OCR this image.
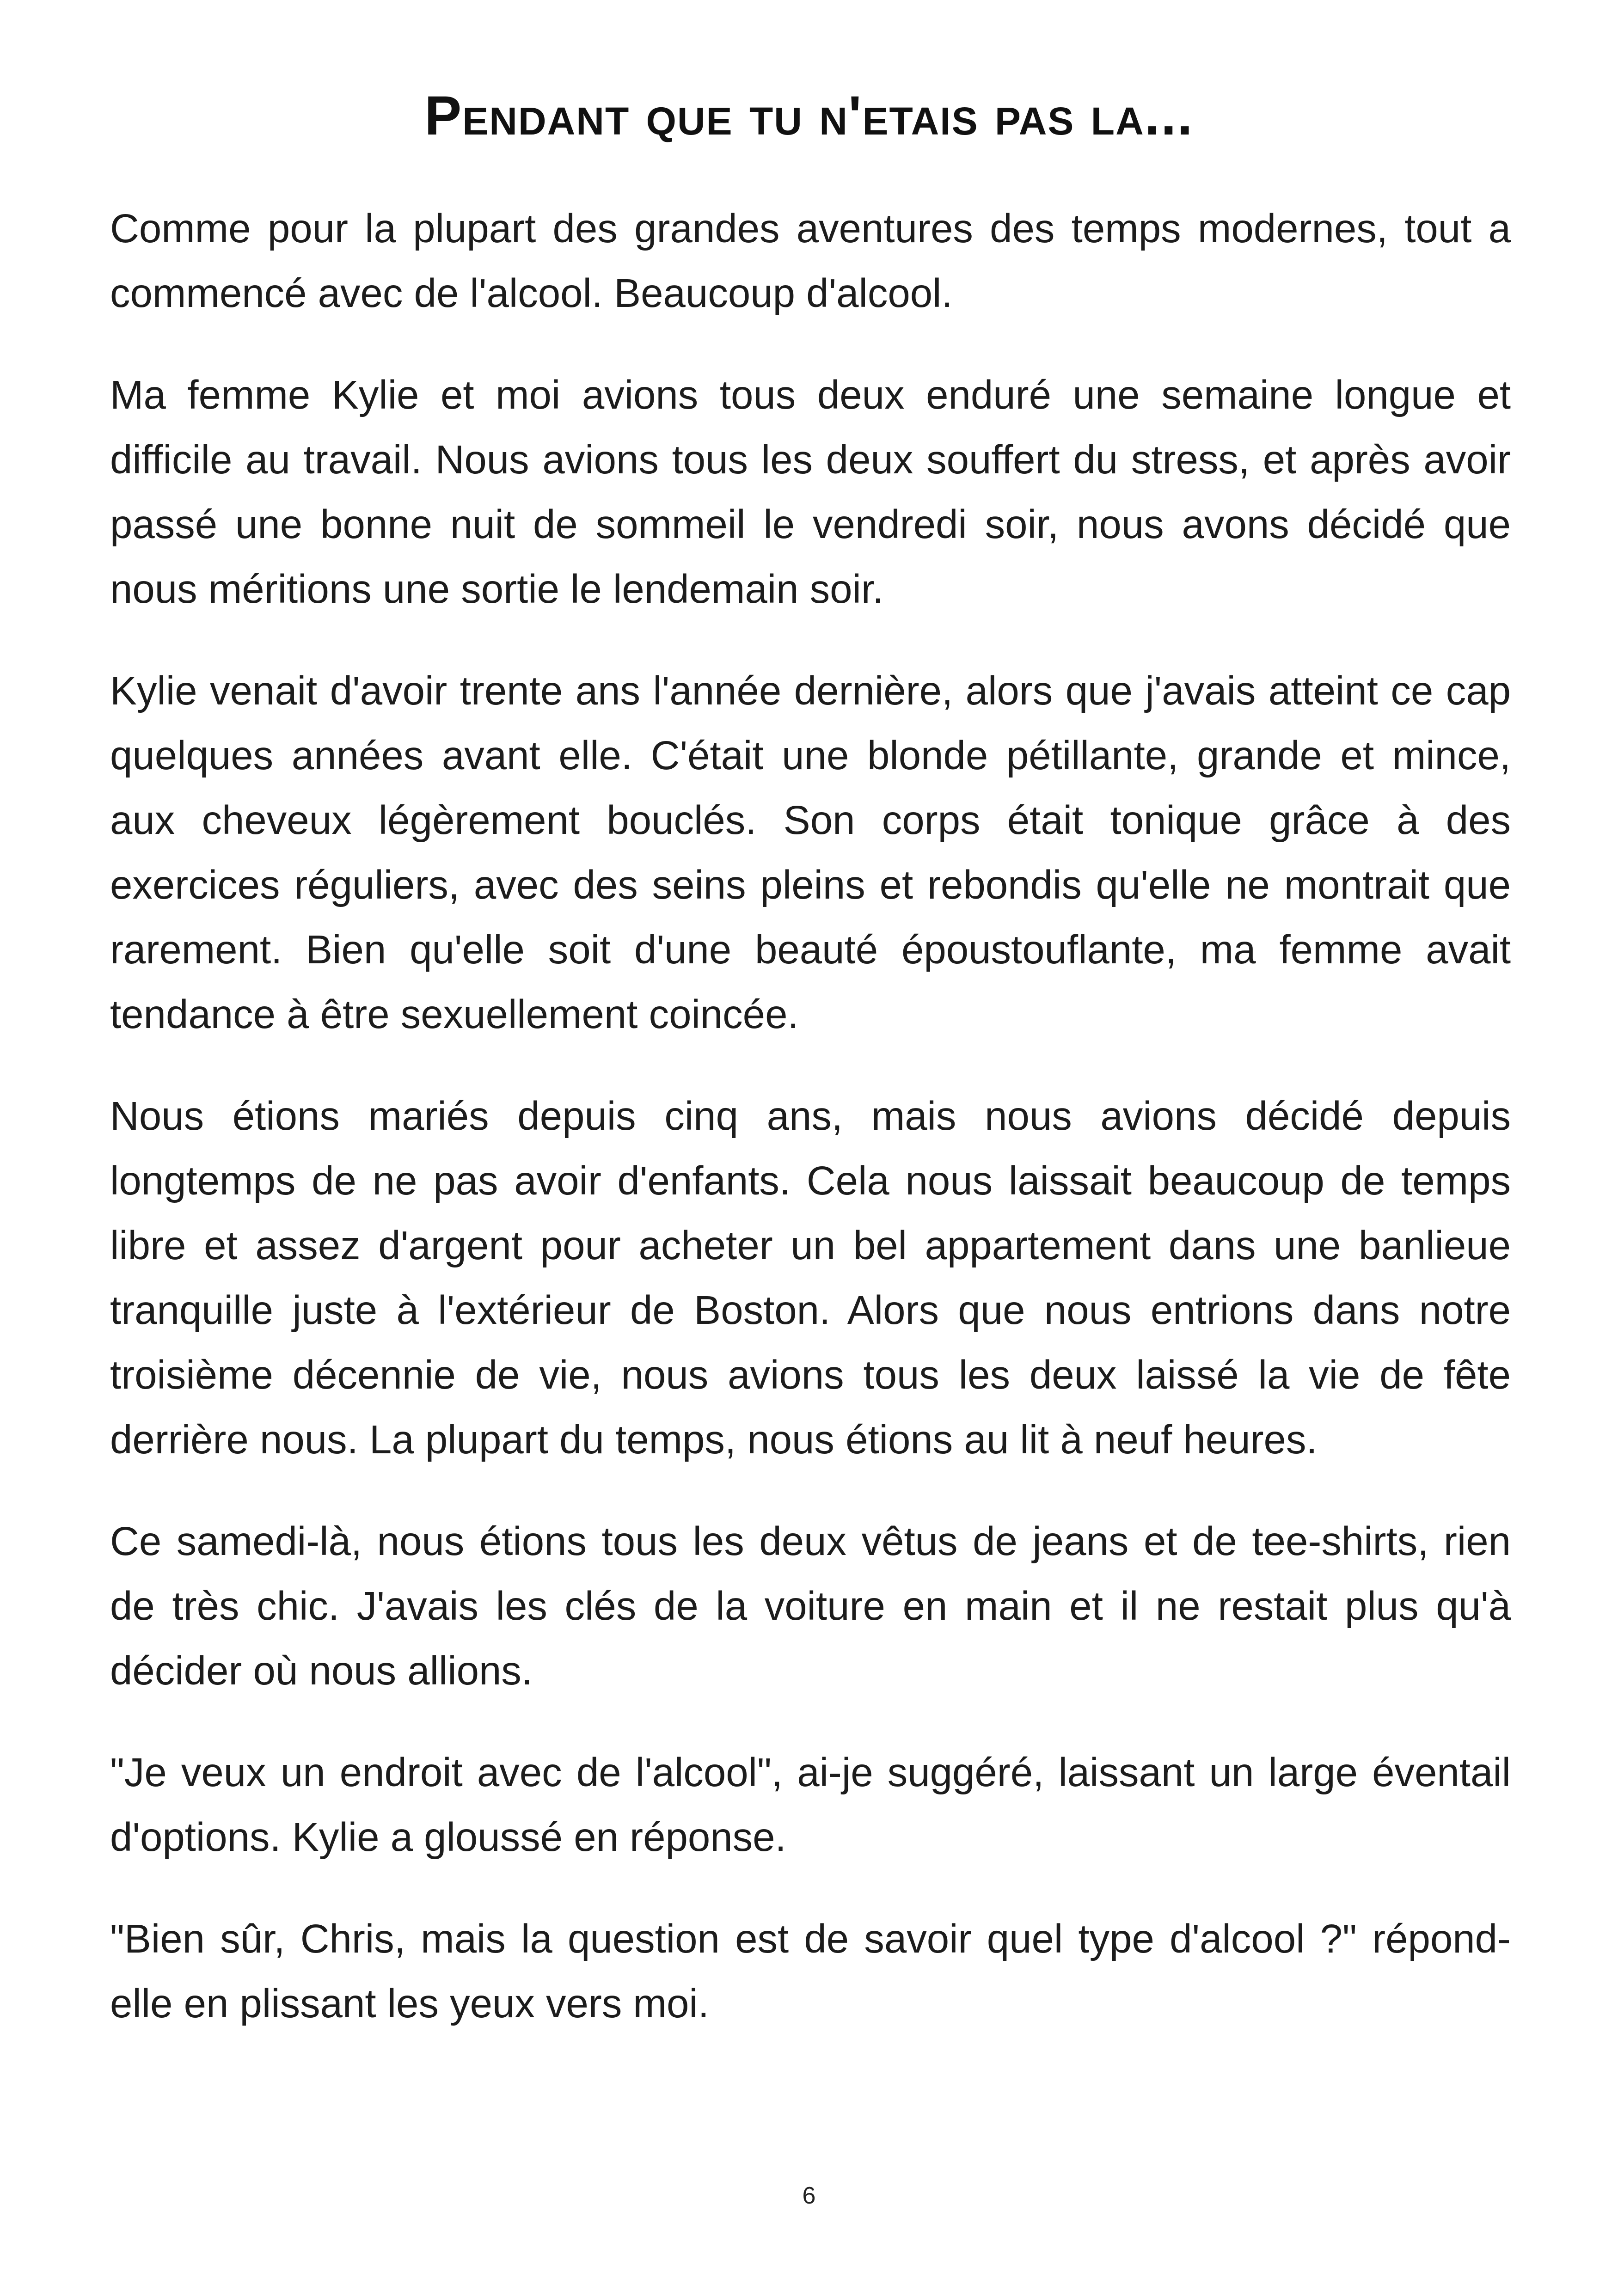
Pendant que tu n'etais pas la...

Comme pour la plupart des grandes aventures des temps modernes, tout a commencé avec de l'alcool. Beaucoup d'alcool.

Ma femme Kylie et moi avions tous deux enduré une semaine longue et difficile au travail. Nous avions tous les deux souffert du stress, et après avoir passé une bonne nuit de sommeil le vendredi soir, nous avons décidé que nous méritions une sortie le lendemain soir.

Kylie venait d'avoir trente ans l'année dernière, alors que j'avais atteint ce cap quelques années avant elle. C'était une blonde pétillante, grande et mince, aux cheveux légèrement bouclés. Son corps était tonique grâce à des exercices réguliers, avec des seins pleins et rebondis qu'elle ne montrait que rarement. Bien qu'elle soit d'une beauté époustouflante, ma femme avait tendance à être sexuellement coincée.

Nous étions mariés depuis cinq ans, mais nous avions décidé depuis longtemps de ne pas avoir d'enfants. Cela nous laissait beaucoup de temps libre et assez d'argent pour acheter un bel appartement dans une banlieue tranquille juste à l'extérieur de Boston. Alors que nous entrions dans notre troisième décennie de vie, nous avions tous les deux laissé la vie de fête derrière nous. La plupart du temps, nous étions au lit à neuf heures.

Ce samedi-là, nous étions tous les deux vêtus de jeans et de tee-shirts, rien de très chic. J'avais les clés de la voiture en main et il ne restait plus qu'à décider où nous allions.

"Je veux un endroit avec de l'alcool", ai-je suggéré, laissant un large éventail d'options. Kylie a gloussé en réponse.

"Bien sûr, Chris, mais la question est de savoir quel type d'alcool ?" répond-elle en plissant les yeux vers moi.

6
